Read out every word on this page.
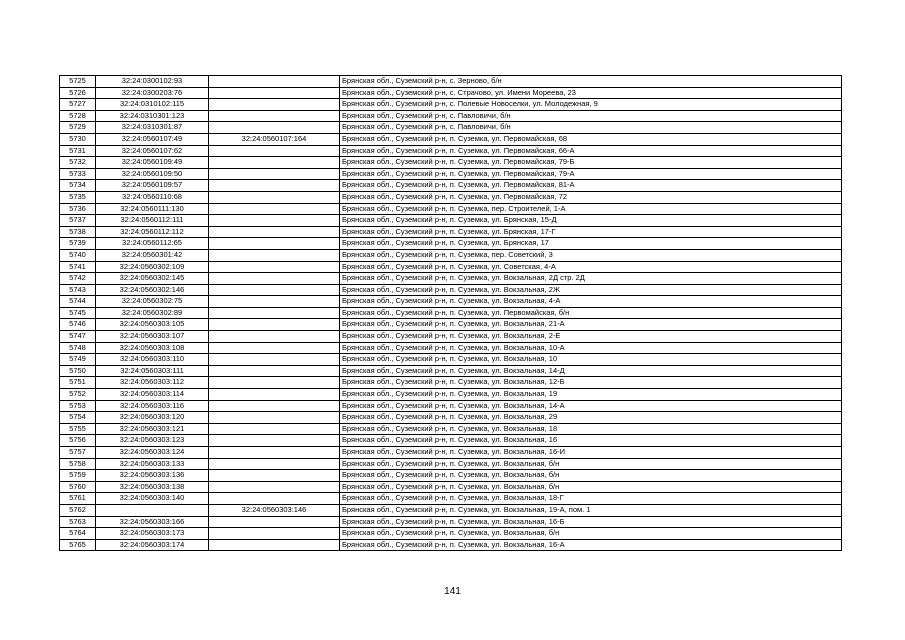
5725	32:24:0300102:93		Брянская обл., Суземский р-н, с. Зерново, б/н
5726	32:24:0300203:76		Брянская обл., Суземский р-н, с. Страчово, ул. Имени Мореева, 23
5727	32:24:0310102:115		Брянская обл., Суземский р-н, с. Полевые Новоселки, ул. Молодежная, 9
5728	32:24:0310301:123		Брянская обл., Суземский р-н, с. Павловичи, б/н
5729	32:24:0310301:87		Брянская обл., Суземский р-н, с. Павловичи, б/н
5730	32:24:0560107:49	32:24:0560107:164	Брянская обл., Суземский р-н, п. Суземка, ул. Первомайская, 68
5731	32:24:0560107:62		Брянская обл., Суземский р-н, п. Суземка, ул. Первомайская, 66-А
5732	32:24:0560109:49		Брянская обл., Суземский р-н, п. Суземка, ул. Первомайская, 79-Б
5733	32:24:0560109:50		Брянская обл., Суземский р-н, п. Суземка, ул. Первомайская, 79-А
5734	32:24:0560109:57		Брянская обл., Суземский р-н, п. Суземка, ул. Первомайская, 81-А
5735	32:24:0560110:68		Брянская обл., Суземский р-н, п. Суземка, ул. Первомайская, 72
5736	32:24:0560111:130		Брянская обл., Суземский р-н, п. Суземка, пер. Строителей, 1-А
5737	32:24:0560112:111		Брянская обл., Суземский р-н, п. Суземка, ул. Брянская, 15-Д
5738	32:24:0560112:112		Брянская обл., Суземский р-н, п. Суземка, ул. Брянская, 17-Г
5739	32:24:0560112:65		Брянская обл., Суземский р-н, п. Суземка, ул. Брянская, 17
5740	32:24:0560301:42		Брянская обл., Суземский р-н, п. Суземка, пер. Советский, 3
5741	32:24:0560302:109		Брянская обл., Суземский р-н, п. Суземка, ул. Советская, 4-А
5742	32:24:0560302:145		Брянская обл., Суземский р-н, п. Суземка, ул. Вокзальная, 2Д стр. 2Д
5743	32:24:0560302:146		Брянская обл., Суземский р-н, п. Суземка, ул. Вокзальная, 2Ж
5744	32:24:0560302:75		Брянская обл., Суземский р-н, п. Суземка, ул. Вокзальная, 4-А
5745	32:24:0560302:89		Брянская обл., Суземский р-н, п. Суземка, ул. Первомайская, б/н
5746	32:24:0560303:105		Брянская обл., Суземский р-н, п. Суземка, ул. Вокзальная, 21-А
5747	32:24:0560303:107		Брянская обл., Суземский р-н, п. Суземка, ул. Вокзальная, 2-Е
5748	32:24:0560303:108		Брянская обл., Суземский р-н, п. Суземка, ул. Вокзальная, 10-А
5749	32:24:0560303:110		Брянская обл., Суземский р-н, п. Суземка, ул. Вокзальная, 10
5750	32:24:0560303:111		Брянская обл., Суземский р-н, п. Суземка, ул. Вокзальная, 14-Д
5751	32:24:0560303:112		Брянская обл., Суземский р-н, п. Суземка, ул. Вокзальная, 12-Б
5752	32:24:0560303:114		Брянская обл., Суземский р-н, п. Суземка, ул. Вокзальная, 19
5753	32:24:0560303:116		Брянская обл., Суземский р-н, п. Суземка, ул. Вокзальная, 14-А
5754	32:24:0560303:120		Брянская обл., Суземский р-н, п. Суземка, ул. Вокзальная, 29
5755	32:24:0560303:121		Брянская обл., Суземский р-н, п. Суземка, ул. Вокзальная, 18
5756	32:24:0560303:123		Брянская обл., Суземский р-н, п. Суземка, ул. Вокзальная, 16
5757	32:24:0560303:124		Брянская обл., Суземский р-н, п. Суземка, ул. Вокзальная, 16-И
5758	32:24:0560303:133		Брянская обл., Суземский р-н, п. Суземка, ул. Вокзальная, б/н
5759	32:24:0560303:136		Брянская обл., Суземский р-н, п. Суземка, ул. Вокзальная, б/н
5760	32:24:0560303:138		Брянская обл., Суземский р-н, п. Суземка, ул. Вокзальная, б/н
5761	32:24:0560303:140		Брянская обл., Суземский р-н, п. Суземка, ул. Вокзальная, 18-Г
5762		32:24:0560303:146	Брянская обл., Суземский р-н, п. Суземка, ул. Вокзальная, 19-А, пом. 1
5763	32:24:0560303:166		Брянская обл., Суземский р-н, п. Суземка, ул. Вокзальная, 16-Б
5764	32:24:0560303:173		Брянская обл., Суземский р-н, п. Суземка, ул. Вокзальная, б/н
5765	32:24:0560303:174		Брянская обл., Суземский р-н, п. Суземка, ул. Вокзальная, 16-А
141
